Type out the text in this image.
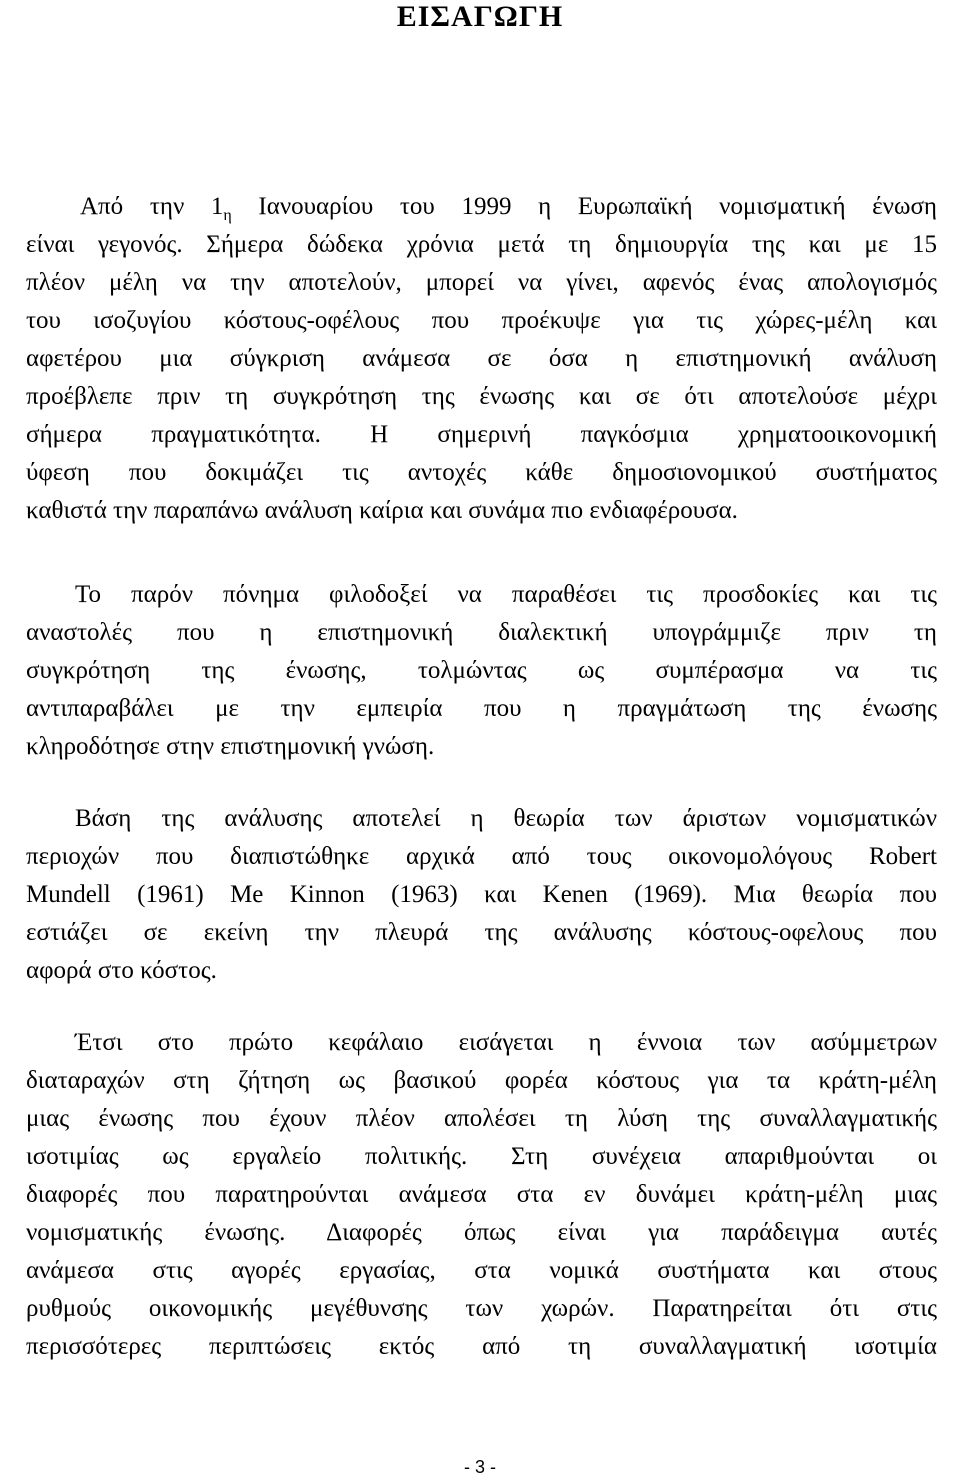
ΕΙΣΑΓΩΓΗ
Από την $1_\eta$ Ιανουαρίου του 1999 η Ευρωπαϊκή νομισματική ένωση
είναι γεγονός. Σήμερα δώδεκα χρόνια μετά τη δημιουργία της και με 15
πλέον μέλη να την αποτελούν, μπορεί να γίνει, αφενός ένας απολογισμός
του ισοζυγίου κόστους-οφέλους που προέκυψε για τις χώρες-μέλη και
αφετέρου μια σύγκριση ανάμεσα σε όσα η επιστημονική ανάλυση
προέβλεπε πριν τη συγκρότηση της ένωσης και σε ότι αποτελούσε μέχρι
σήμερα πραγματικότητα. Η σημερινή παγκόσμια χρηματοοικονομική
ύφεση που δοκιμάζει τις αντοχές κάθε δημοσιονομικού συστήματος
καθιστά την παραπάνω ανάλυση καίρια και συνάμα πιο ενδιαφέρουσα.
Το παρόν πόνημα φιλοδοξεί να παραθέσει τις προσδοκίες και τις
αναστολές που η επιστημονική διαλεκτική υπογράμμιζε πριν τη
συγκρότηση της ένωσης, τολμώντας ως συμπέρασμα να τις
αντιπαραβάλει με την εμπειρία που η πραγμάτωση της ένωσης
κληροδότησε στην επιστημονική γνώση.
Βάση της ανάλυσης αποτελεί η θεωρία των άριστων νομισματικών
περιοχών που διαπιστώθηκε αρχικά από τους οικονομολόγους Robert
Mundell (1961) Me Kinnon (1963) και Kenen (1969). Μια θεωρία που
εστιάζει σε εκείνη την πλευρά της ανάλυσης κόστους-οφελους που
αφορά στο κόστος.
Έτσι στο πρώτο κεφάλαιο εισάγεται η έννοια των ασύμμετρων
διαταραχών στη ζήτηση ως βασικού φορέα κόστους για τα κράτη-μέλη
μιας ένωσης που έχουν πλέον απολέσει τη λύση της συναλλαγματικής
ισοτιμίας ως εργαλείο πολιτικής. Στη συνέχεια απαριθμούνται οι
διαφορές που παρατηρούνται ανάμεσα στα εν δυνάμει κράτη-μέλη μιας
νομισματικής ένωσης. Διαφορές όπως είναι για παράδειγμα αυτές
ανάμεσα στις αγορές εργασίας, στα νομικά συστήματα και στους
ρυθμούς οικονομικής μεγέθυνσης των χωρών. Παρατηρείται ότι στις
περισσότερες περιπτώσεις εκτός από τη συναλλαγματική ισοτιμία
- 3 -
